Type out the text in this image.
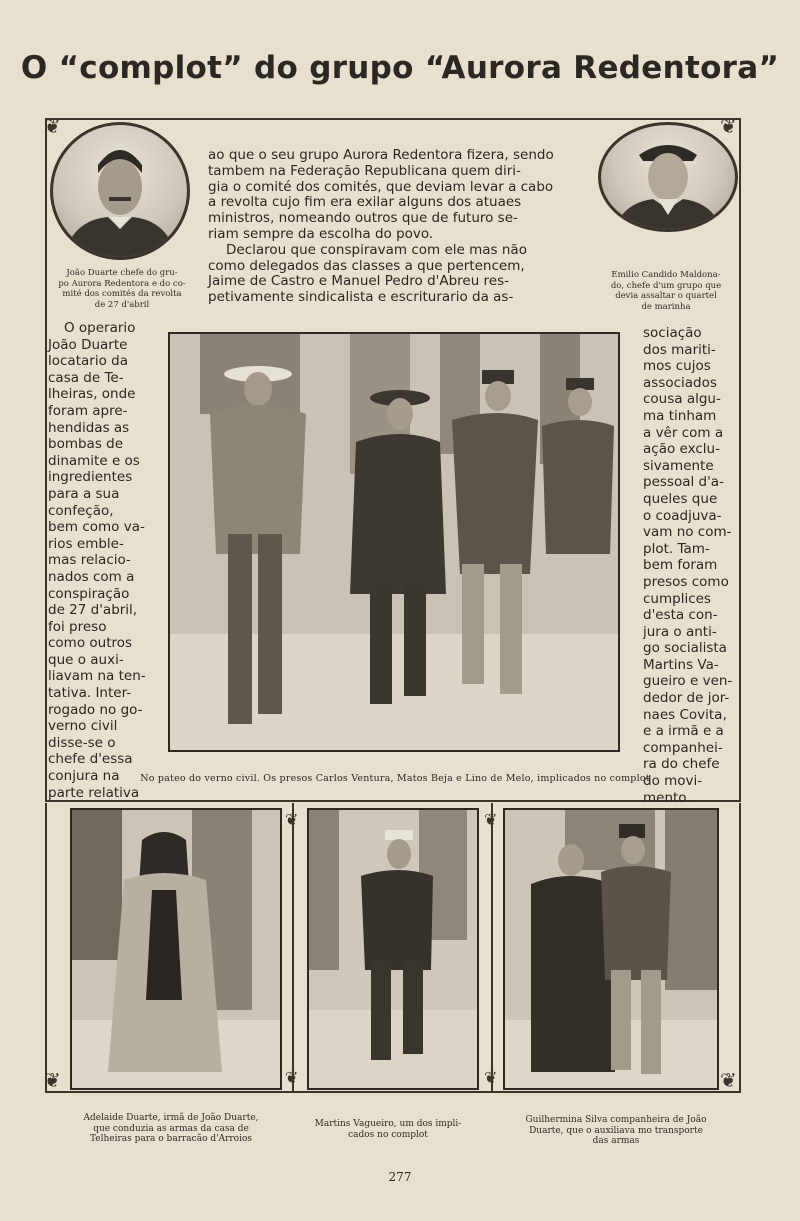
O “complot” do grupo “Aurora Redentora”
❦	❦
❦	❦
João Duarte chefe do gru-
po Aurora Redentora e do co-
mité dos comités da revolta
de 27 d'abril
Emilio Candido Maldona-
do, chefe d'um grupo que
devia assaltar o quartel
de marinha
ao que o seu grupo Aurora Redentora fizera, sendo
tambem na Federação Republicana quem diri-
gia o comité dos comités, que deviam levar a cabo
a revolta cujo fim era exilar alguns dos atuaes
ministros, nomeando outros que de futuro se-
riam sempre da escolha do povo.
Declarou que conspiravam com ele mas não
como delegados das classes a que pertencem,
Jaime de Castro e Manuel Pedro d'Abreu res-
petivamente sindicalista e escriturario da as-
O operario
João Duarte
locatario da
casa de Te-
lheiras, onde
foram apre-
hendidas as
bombas de
dinamite e os
ingredientes
para a sua
confeção,
bem como va-
rios emble-
mas relacio-
nados com a
conspiração
de 27 d'abril,
foi preso
como outros
que o auxi-
liavam na ten-
tativa. Inter-
rogado no go-
verno civil
disse-se o
chefe d'essa
conjura na
parte relativa
sociação
dos mariti-
mos cujos
associados
cousa algu-
ma tinham
a vêr com a
ação exclu-
sivamente
pessoal d'a-
queles que
o coadjuva-
vam no com-
plot. Tam-
bem foram
presos como
cumplices
d'esta con-
jura o anti-
go socialista
Martins Va-
gueiro e ven-
dedor de jor-
naes Covita,
e a irmã e a
companhei-
ra do chefe
do movi-
mento.
No pateo do verno civil. Os presos Carlos Ventura, Matos Beja e Lino de Melo, implicados no complot
❦
❦
❦
❦
Adelaide Duarte, irmã de João Duarte,
que conduzia as armas da casa de
Telheiras para o barracão d'Arroios
Martins Vagueiro, um dos impli-
cados no complot
Guilhermina Silva companheira de João
Duarte, que o auxiliava mo transporte
das armas
277
